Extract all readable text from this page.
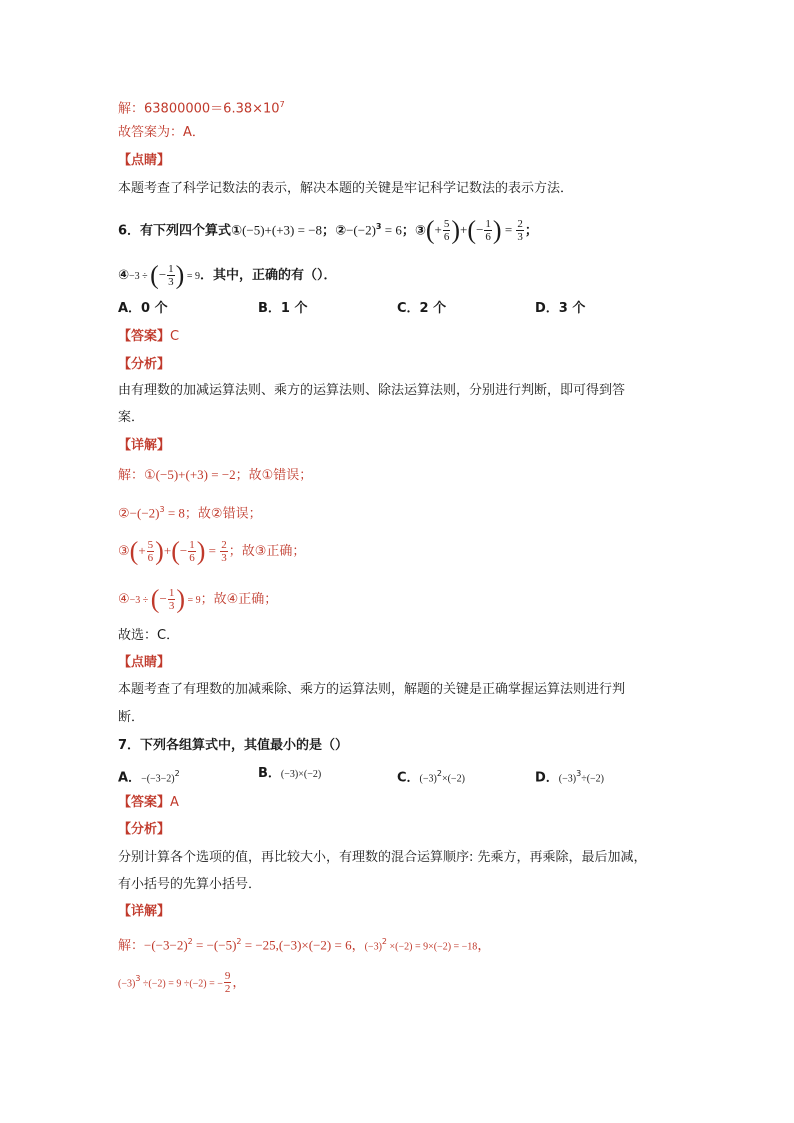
解：$63800000=6.38\times 10^7$
故答案为：A．
【点睛】
本题考查了科学记数法的表示，解决本题的关键是牢记科学记数法的表示方法．
6．有下列四个算式①(−5)+(+3) = −8；$②-(-2)^3 = 6$；③(+ $\frac{5}{6}$ )+(− $\frac{1}{6}$ ) = $\frac{2}{3}$ ；
④−3 ÷ (− $\frac{1}{3}$ ) = 9．其中，正确的有（）．
A．0 个	B．1 个	C．2 个	D．3 个
【答案】C
【分析】
由有理数的加减运算法则、乘方的运算法则、除法运算法则，分别进行判断，即可得到答
案．
【详解】
解：①(−5)+(+3) = −2；故①错误；
$②-(-2)^3 = 8$；故②错误；
③(+ $\frac{5}{6}$ )+(− $\frac{1}{6}$ ) = $\frac{2}{3}$ ；故③正确；
④−3 ÷ (− $\frac{1}{3}$ ) = 9；故④正确；
故选：C．
【点睛】
本题考查了有理数的加减乘除、乘方的运算法则，解题的关键是正确掌握运算法则进行判
断．
7．下列各组算式中，其值最小的是（）
A．$-(-3-2)^2$	B．(−3)×(−2)	C．$(-3)^2\times(-2)$	D．$(-3)^3\div(-2)$
【答案】A
【分析】
分别计算各个选项的值，再比较大小，有理数的混合运算顺序: 先乘方，再乘除，最后加减，
有小括号的先算小括号．
【详解】
解：$-(-3-2)^2 = -(-5)^2 = -25,(-3)\times(-2) = 6$，$(-3)^2 \times(-2) = 9\times(-2) = -18$，
$(-3)^3 \div(-2) = 9 \div(-2)$ = − $\frac{9}{2}$ ，
